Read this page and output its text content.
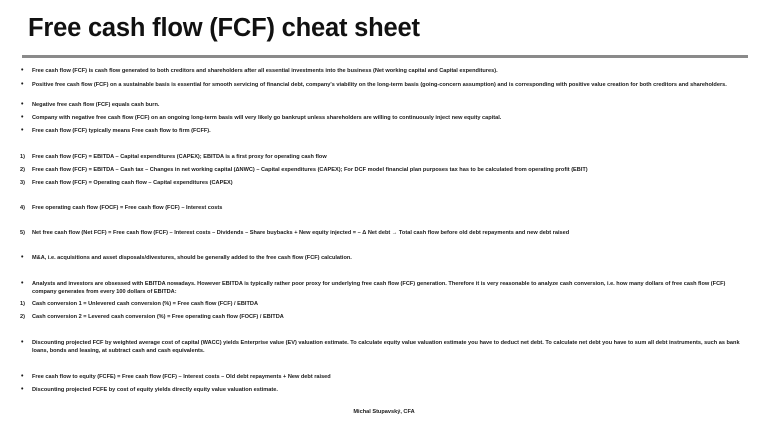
Free cash flow (FCF) cheat sheet
•	Free cash flow (FCF) is cash flow generated to both creditors and shareholders after all essential investments into the business (Net working capital and Capital expenditures).
•	Positive free cash flow (FCF) on a sustainable basis is essential for smooth servicing of financial debt, company's viability on the long-term basis (going-concern assumption) and is corresponding with positive value creation for both creditors and shareholders.
•	Negative free cash flow (FCF) equals cash burn.
•	Company with negative free cash flow (FCF) on an ongoing long-term basis will very likely go bankrupt unless shareholders are willing to continuously inject new equity capital.
•	Free cash flow (FCF) typically means Free cash flow to firm (FCFF).
1)	Free cash flow (FCF) = EBITDA – Capital expenditures (CAPEX); EBITDA is a first proxy for operating cash flow
2)	Free cash flow (FCF) = EBITDA – Cash tax – Changes in net working capital (ΔNWC) – Capital expenditures (CAPEX); For DCF model financial plan purposes tax has to be calculated from operating profit (EBIT)
3)	Free cash flow (FCF) = Operating cash flow – Capital expenditures (CAPEX)
4)	Free operating cash flow (FOCF) = Free cash flow (FCF) – Interest costs
5)	Net free cash flow (Net FCF) = Free cash flow (FCF) – Interest costs – Dividends – Share buybacks + New equity injected = – Δ Net debt → Total cash flow before old debt repayments and new debt raised
•	M&A, i.e. acquisitions and asset disposals/divestures, should be generally added to the free cash flow (FCF) calculation.
•	Analysts and investors are obsessed with EBITDA nowadays. However EBITDA is typically rather poor proxy for underlying free cash flow (FCF) generation. Therefore it is very reasonable to analyze cash conversion, i.e. how many dollars of free cash flow (FCF) company generates from every 100 dollars of EBITDA:
1)	Cash conversion 1 = Unlevered cash conversion (%) = Free cash flow (FCF) / EBITDA
2)	Cash conversion 2 = Levered cash conversion (%) = Free operating cash flow (FOCF) / EBITDA
•	Discounting projected FCF by weighted average cost of capital (WACC) yields Enterprise value (EV) valuation estimate. To calculate equity value valuation estimate you have to deduct net debt. To calculate net debt you have to sum all debt instruments, such as bank loans, bonds and leasing, at subtract cash and cash equivalents.
•	Free cash flow to equity (FCFE) = Free cash flow (FCF) – Interest costs – Old debt repayments + New debt raised
•	Discounting projected FCFE by cost of equity yields directly equity value valuation estimate.
Michal Stupavský, CFA
